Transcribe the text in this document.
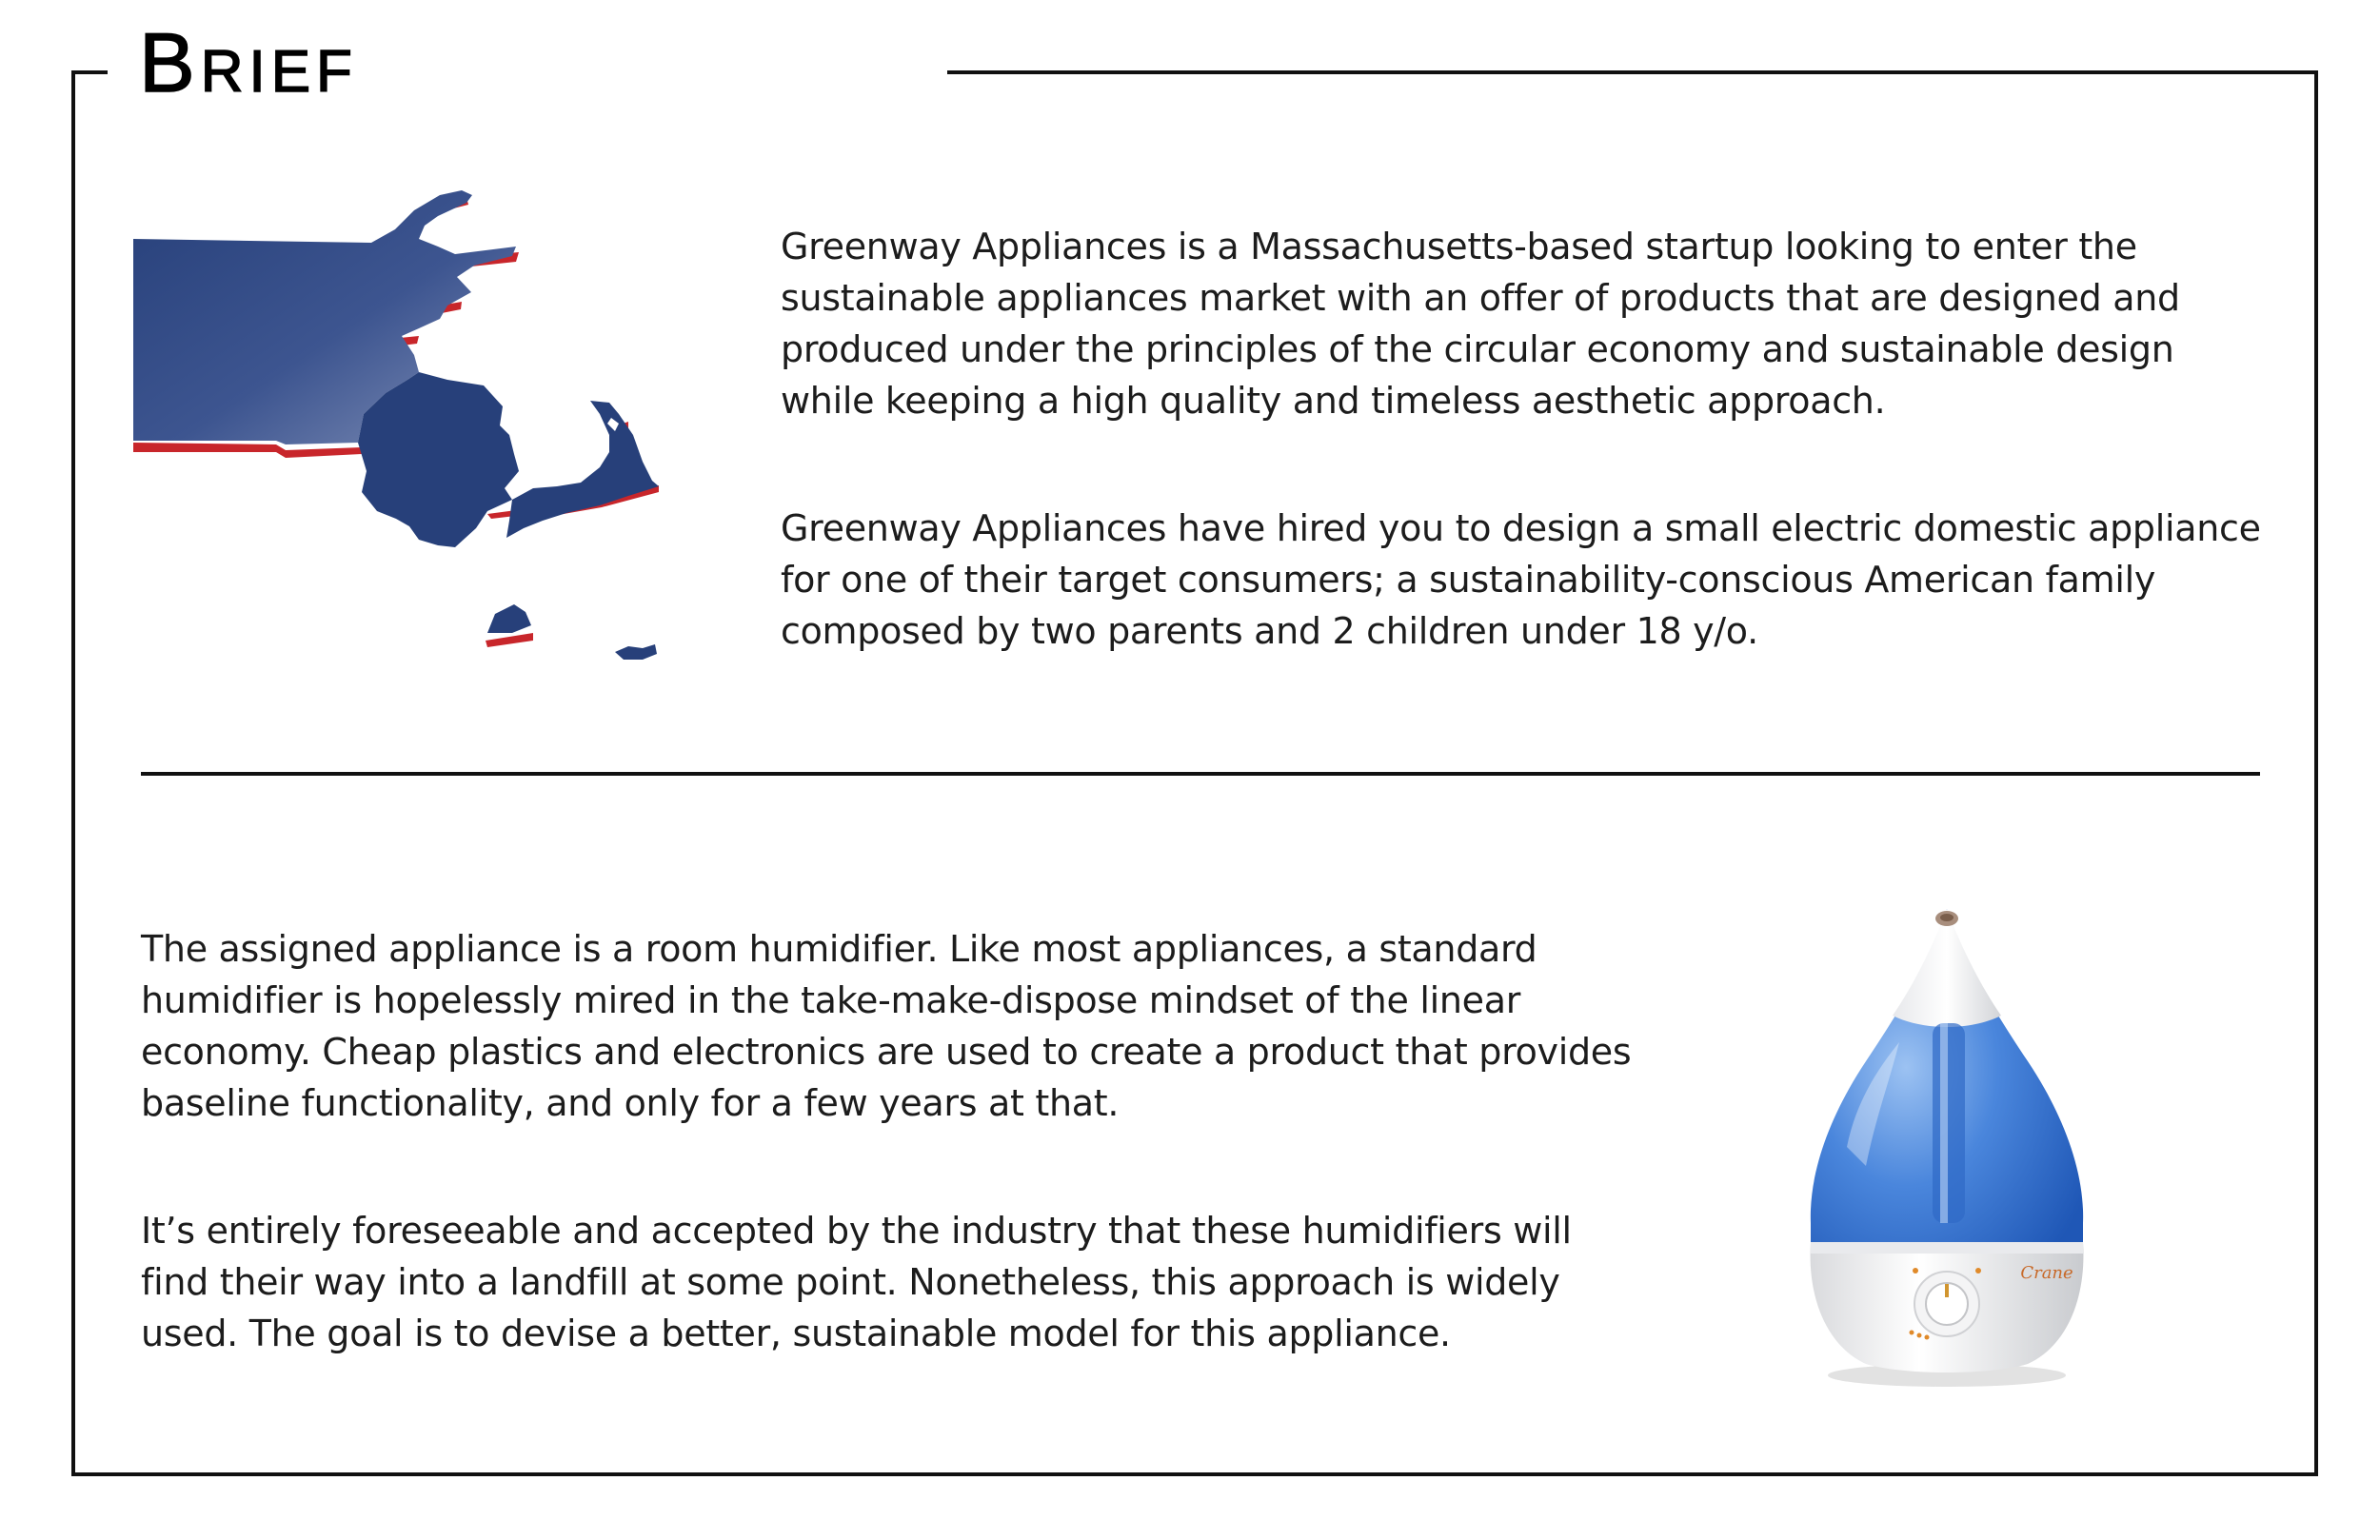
Brief

Greenway Appliances is a Massachusetts-based startup looking to enter the
sustainable appliances market with an offer of products that are designed and
produced under the principles of the circular economy and sustainable design
while keeping a high quality and timeless aesthetic approach.

Greenway Appliances have hired you to design a small electric domestic appliance
for one of their target consumers; a sustainability-conscious American family
composed by two parents and 2 children under 18 y/o.

The assigned appliance is a room humidifier. Like most appliances, a standard
humidifier is hopelessly mired in the take-make-dispose mindset of the linear
economy. Cheap plastics and electronics are used to create a product that provides
baseline functionality, and only for a few years at that.

It’s entirely foreseeable and accepted by the industry that these humidifiers will
find their way into a landfill at some point. Nonetheless, this approach is widely
used. The goal is to devise a better, sustainable model for this appliance.

Crane
